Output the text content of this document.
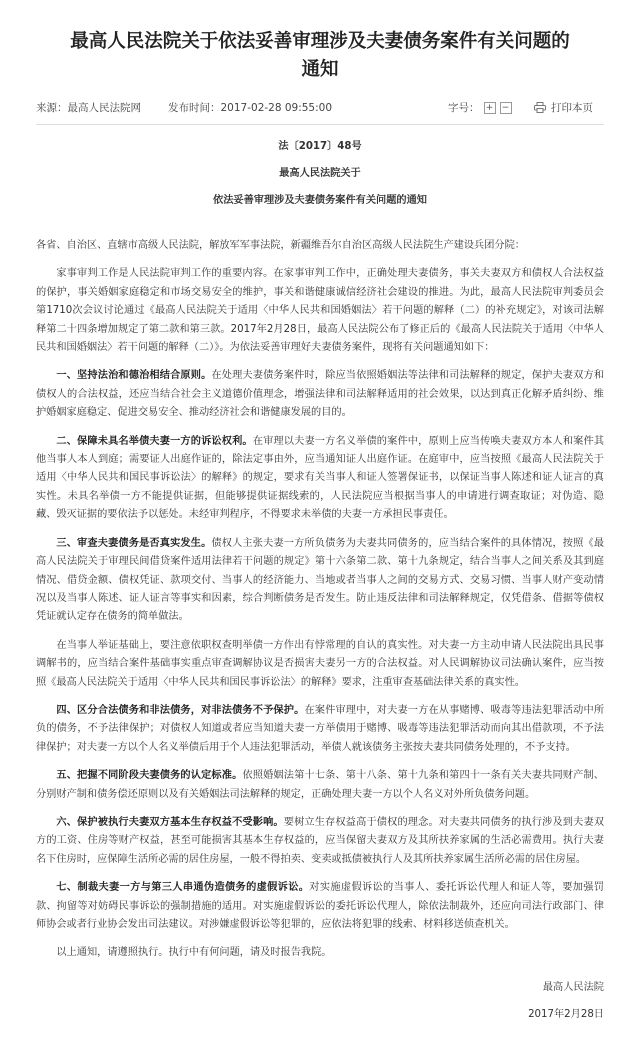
最高人民法院关于依法妥善审理涉及夫妻债务案件有关问题的通知
来源：最高人民法院网	发布时间：2017-02-28 09:55:00	字号： + −	打印本页
法〔2017〕48号
最高人民法院关于
依法妥善审理涉及夫妻债务案件有关问题的通知

各省、自治区、直辖市高级人民法院，解放军军事法院，新疆维吾尔自治区高级人民法院生产建设兵团分院：

家事审判工作是人民法院审判工作的重要内容。在家事审判工作中，正确处理夫妻债务，事关夫妻双方和债权人合法权益的保护，事关婚姻家庭稳定和市场交易安全的维护，事关和谐健康诚信经济社会建设的推进。为此，最高人民法院审判委员会第1710次会议讨论通过《最高人民法院关于适用〈中华人民共和国婚姻法〉若干问题的解释（二）的补充规定》，对该司法解释第二十四条增加规定了第二款和第三款。2017年2月28日，最高人民法院公布了修正后的《最高人民法院关于适用〈中华人民共和国婚姻法〉若干问题的解释（二）》。为依法妥善审理好夫妻债务案件，现将有关问题通知如下：

一、坚持法治和德治相结合原则。在处理夫妻债务案件时，除应当依照婚姻法等法律和司法解释的规定，保护夫妻双方和债权人的合法权益，还应当结合社会主义道德价值理念，增强法律和司法解释适用的社会效果，以达到真正化解矛盾纠纷、维护婚姻家庭稳定、促进交易安全、推动经济社会和谐健康发展的目的。

二、保障未具名举债夫妻一方的诉讼权利。在审理以夫妻一方名义举债的案件中，原则上应当传唤夫妻双方本人和案件其他当事人本人到庭；需要证人出庭作证的，除法定事由外，应当通知证人出庭作证。在庭审中，应当按照《最高人民法院关于适用〈中华人民共和国民事诉讼法〉的解释》的规定，要求有关当事人和证人签署保证书，以保证当事人陈述和证人证言的真实性。未具名举债一方不能提供证据，但能够提供证据线索的，人民法院应当根据当事人的申请进行调查取证；对伪造、隐藏、毁灭证据的要依法予以惩处。未经审判程序，不得要求未举债的夫妻一方承担民事责任。

三、审查夫妻债务是否真实发生。债权人主张夫妻一方所负债务为夫妻共同债务的，应当结合案件的具体情况，按照《最高人民法院关于审理民间借贷案件适用法律若干问题的规定》第十六条第二款、第十九条规定，结合当事人之间关系及其到庭情况、借贷金额、债权凭证、款项交付、当事人的经济能力、当地或者当事人之间的交易方式、交易习惯、当事人财产变动情况以及当事人陈述、证人证言等事实和因素，综合判断债务是否发生。防止违反法律和司法解释规定，仅凭借条、借据等债权凭证就认定存在债务的简单做法。

在当事人举证基础上，要注意依职权查明举债一方作出有悖常理的自认的真实性。对夫妻一方主动申请人民法院出具民事调解书的，应当结合案件基础事实重点审查调解协议是否损害夫妻另一方的合法权益。对人民调解协议司法确认案件，应当按照《最高人民法院关于适用〈中华人民共和国民事诉讼法〉的解释》要求，注重审查基础法律关系的真实性。

四、区分合法债务和非法债务，对非法债务不予保护。在案件审理中，对夫妻一方在从事赌博、吸毒等违法犯罪活动中所负的债务，不予法律保护；对债权人知道或者应当知道夫妻一方举债用于赌博、吸毒等违法犯罪活动而向其出借款项，不予法律保护；对夫妻一方以个人名义举债后用于个人违法犯罪活动，举债人就该债务主张按夫妻共同债务处理的，不予支持。

五、把握不同阶段夫妻债务的认定标准。依照婚姻法第十七条、第十八条、第十九条和第四十一条有关夫妻共同财产制、分别财产制和债务偿还原则以及有关婚姻法司法解释的规定，正确处理夫妻一方以个人名义对外所负债务问题。

六、保护被执行夫妻双方基本生存权益不受影响。要树立生存权益高于债权的理念。对夫妻共同债务的执行涉及到夫妻双方的工资、住房等财产权益，甚至可能损害其基本生存权益的，应当保留夫妻双方及其所扶养家属的生活必需费用。执行夫妻名下住房时，应保障生活所必需的居住房屋，一般不得拍卖、变卖或抵债被执行人及其所扶养家属生活所必需的居住房屋。

七、制裁夫妻一方与第三人串通伪造债务的虚假诉讼。对实施虚假诉讼的当事人、委托诉讼代理人和证人等，要加强罚款、拘留等对妨碍民事诉讼的强制措施的适用。对实施虚假诉讼的委托诉讼代理人，除依法制裁外，还应向司法行政部门、律师协会或者行业协会发出司法建议。对涉嫌虚假诉讼等犯罪的，应依法将犯罪的线索、材料移送侦查机关。

以上通知，请遵照执行。执行中有何问题，请及时报告我院。

最高人民法院
2017年2月28日
